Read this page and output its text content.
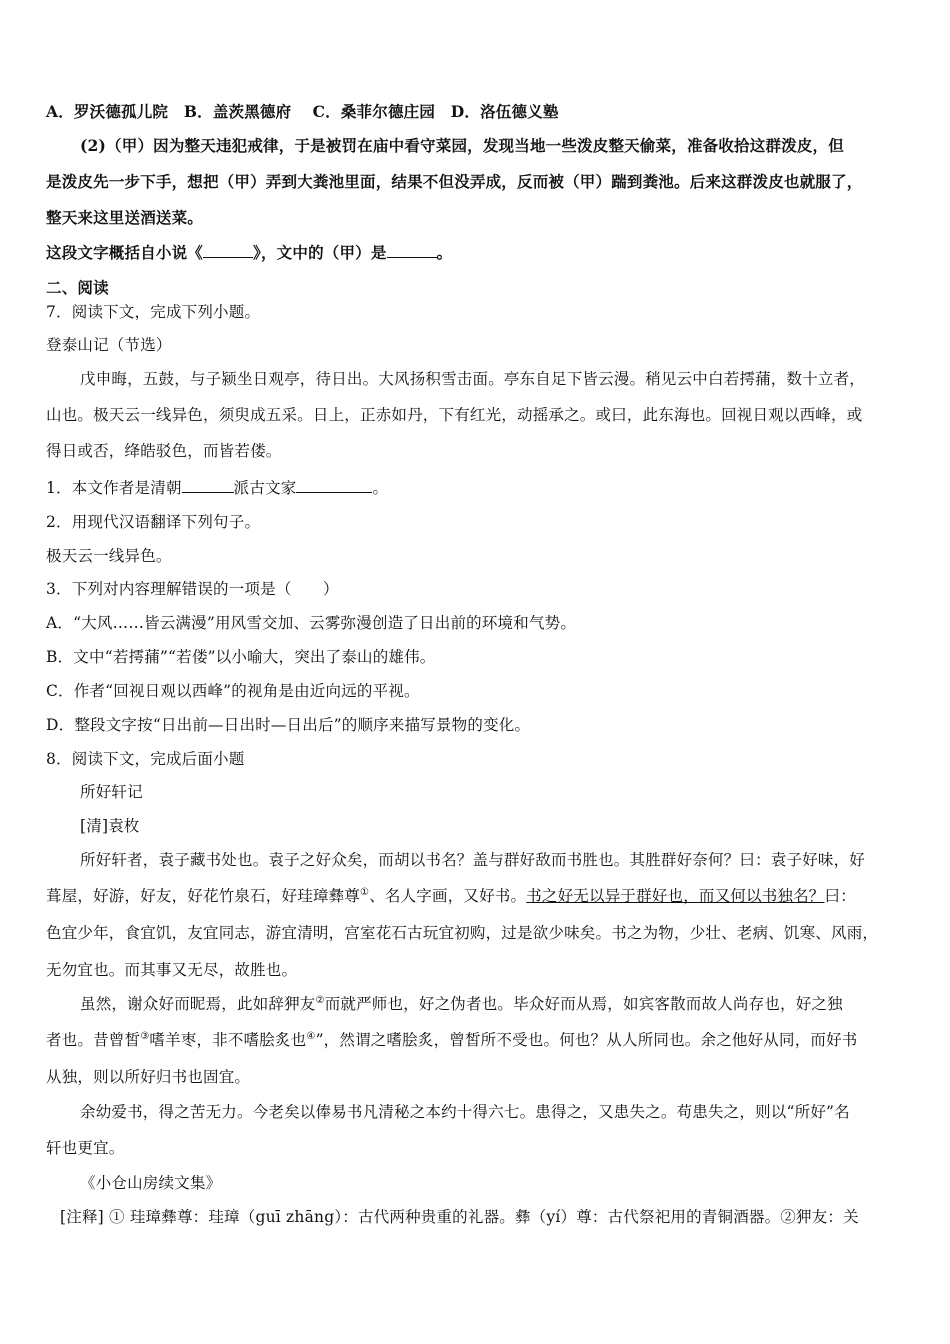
A．罗沃德孤儿院　B．盖茨黑德府　 C．桑菲尔德庄园　D．洛伍德义塾
(2)（甲）因为整天违犯戒律，于是被罚在庙中看守菜园，发现当地一些泼皮整天偷菜，准备收拾这群泼皮，但
是泼皮先一步下手，想把（甲）弄到大粪池里面，结果不但没弄成，反而被（甲）踹到粪池。后来这群泼皮也就服了，
整天来这里送酒送菜。
这段文字概括自小说《	》，文中的（甲）是	。
二、阅读
7．阅读下文，完成下列小题。
登泰山记（节选）
戊申晦，五鼓，与子颍坐日观亭，待日出。大风扬积雪击面。亭东自足下皆云漫。稍见云中白若摴蒱，数十立者，
山也。极天云一线异色，须臾成五采。日上，正赤如丹，下有红光，动摇承之。或曰，此东海也。回视日观以西峰，或
得日或否，绛皓驳色，而皆若偻。
1．本文作者是清朝	派古文家	。
2．用现代汉语翻译下列句子。
极天云一线异色。
3．下列对内容理解错误的一项是（　　）
A．“大风……皆云满漫”用风雪交加、云雾弥漫创造了日出前的环境和气势。
B．文中“若摴蒱”“若偻”以小喻大，突出了泰山的雄伟。
C．作者“回视日观以西峰”的视角是由近向远的平视。
D．整段文字按“日出前—日出时—日出后”的顺序来描写景物的变化。
8．阅读下文，完成后面小题
所好轩记
[清]袁枚
所好轩者，袁子藏书处也。袁子之好众矣，而胡以书名？盖与群好敌而书胜也。其胜群好奈何？曰：袁子好味，好
葺屋，好游，好友，好花竹泉石，好珪璋彝尊①、名人字画，又好书。书之好无以异于群好也，而又何以书独名？曰：
色宜少年，食宜饥，友宜同志，游宜清明，宫室花石古玩宜初购，过是欲少味矣。书之为物，少壮、老病、饥寒、风雨，
无勿宜也。而其事又无尽，故胜也。
虽然，谢众好而昵焉，此如辞狎友②而就严师也，好之伪者也。毕众好而从焉，如宾客散而故人尚存也，好之独
者也。昔曾皙③嗜羊枣，非不嗜脍炙也④”，然谓之嗜脍炙，曾皙所不受也。何也？从人所同也。余之他好从同，而好书
从独，则以所好归书也固宜。
余幼爱书，得之苦无力。今老矣以俸易书凡清秘之本约十得六七。患得之，又患失之。苟患失之，则以“所好”名
轩也更宜。
《小仓山房续文集》
[注释] ① 珪璋彝尊：珪璋（guī zhāng）：古代两种贵重的礼器。彝（yí）尊：古代祭祀用的青铜酒器。②狎友：关
